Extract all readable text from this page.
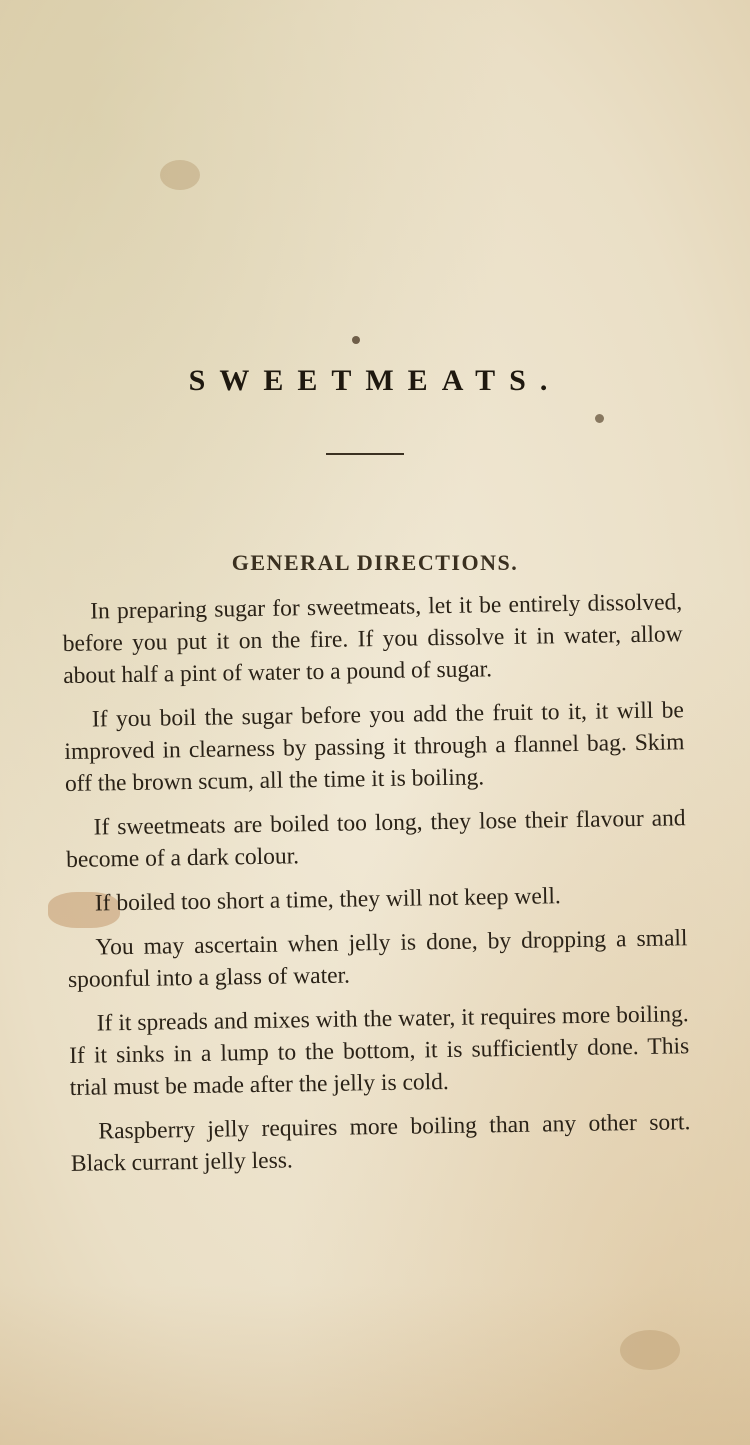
SWEETMEATS.
GENERAL DIRECTIONS.

In preparing sugar for sweetmeats, let it be entirely dissolved, before you put it on the fire. If you dissolve it in water, allow about half a pint of water to a pound of sugar.

If you boil the sugar before you add the fruit to it, it will be improved in clearness by passing it through a flannel bag. Skim off the brown scum, all the time it is boiling.

If sweetmeats are boiled too long, they lose their flavour and become of a dark colour.

If boiled too short a time, they will not keep well.

You may ascertain when jelly is done, by dropping a small spoonful into a glass of water.

If it spreads and mixes with the water, it requires more boiling. If it sinks in a lump to the bottom, it is sufficiently done. This trial must be made after the jelly is cold.

Raspberry jelly requires more boiling than any other sort. Black currant jelly less.
